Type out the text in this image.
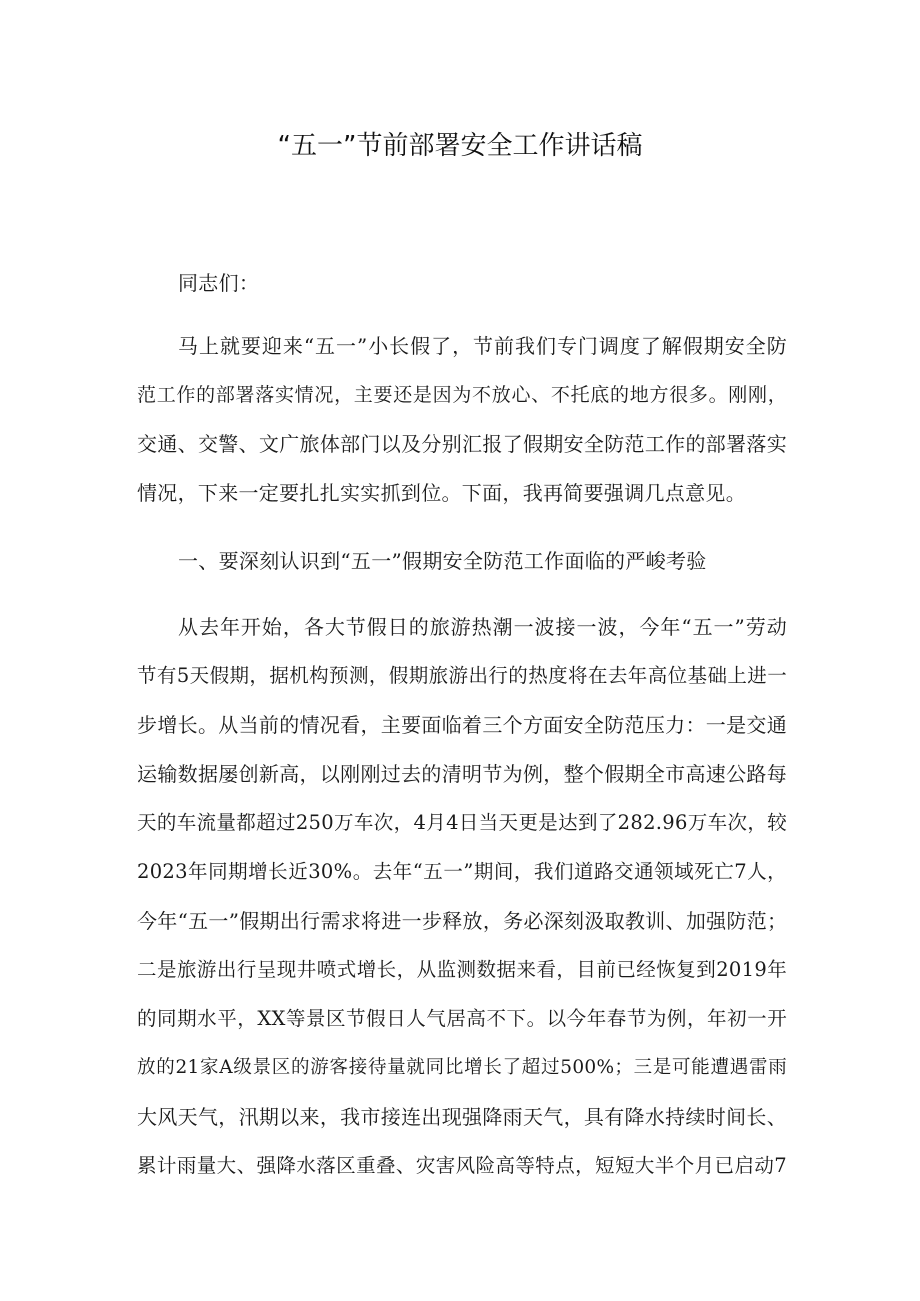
“五一”节前部署安全工作讲话稿
同志们：
马上就要迎来“五一”小长假了，节前我们专门调度了解假期安全防
范工作的部署落实情况，主要还是因为不放心、不托底的地方很多。刚刚，
交通、交警、文广旅体部门以及分别汇报了假期安全防范工作的部署落实
情况，下来一定要扎扎实实抓到位。下面，我再简要强调几点意见。
一、要深刻认识到“五一”假期安全防范工作面临的严峻考验
从去年开始，各大节假日的旅游热潮一波接一波，今年“五一”劳动
节有5天假期，据机构预测，假期旅游出行的热度将在去年高位基础上进一
步增长。从当前的情况看，主要面临着三个方面安全防范压力：一是交通
运输数据屡创新高，以刚刚过去的清明节为例，整个假期全市高速公路每
天的车流量都超过250万车次，4月4日当天更是达到了282.96万车次，较
2023年同期增长近30%。去年“五一”期间，我们道路交通领域死亡7人，
今年“五一”假期出行需求将进一步释放，务必深刻汲取教训、加强防范；
二是旅游出行呈现井喷式增长，从监测数据来看，目前已经恢复到2019年
的同期水平，XX等景区节假日人气居高不下。以今年春节为例，年初一开
放的21家A级景区的游客接待量就同比增长了超过500%；三是可能遭遇雷雨
大风天气，汛期以来，我市接连出现强降雨天气，具有降水持续时间长、
累计雨量大、强降水落区重叠、灾害风险高等特点，短短大半个月已启动7
